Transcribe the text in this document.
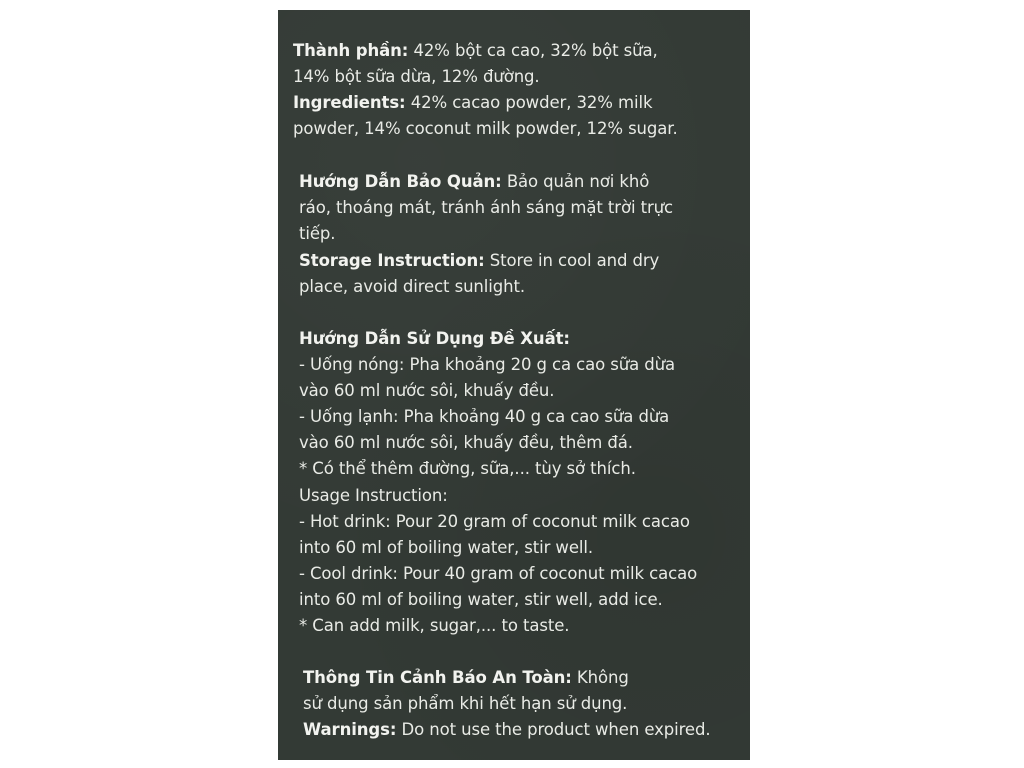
Thành phần: 42% bột ca cao, 32% bột sữa,
14% bột sữa dừa, 12% đường.
Ingredients: 42% cacao powder, 32% milk
powder, 14% coconut milk powder, 12% sugar.
Hướng Dẫn Bảo Quản: Bảo quản nơi khô
ráo, thoáng mát, tránh ánh sáng mặt trời trực
tiếp.
Storage Instruction: Store in cool and dry
place, avoid direct sunlight.
Hướng Dẫn Sử Dụng Đề Xuất:
- Uống nóng: Pha khoảng 20 g ca cao sữa dừa
vào 60 ml nước sôi, khuấy đều.
- Uống lạnh: Pha khoảng 40 g ca cao sữa dừa
vào 60 ml nước sôi, khuấy đều, thêm đá.
* Có thể thêm đường, sữa,... tùy sở thích.
Usage Instruction:
- Hot drink: Pour 20 gram of coconut milk cacao
into 60 ml of boiling water, stir well.
- Cool drink: Pour 40 gram of coconut milk cacao
into 60 ml of boiling water, stir well, add ice.
* Can add milk, sugar,... to taste.
Thông Tin Cảnh Báo An Toàn: Không
sử dụng sản phẩm khi hết hạn sử dụng.
Warnings: Do not use the product when expired.
